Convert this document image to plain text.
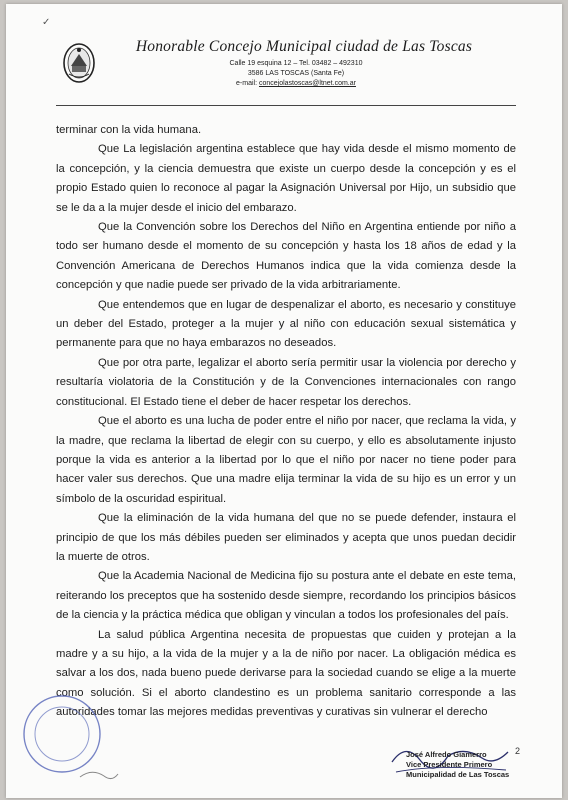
✓
Honorable Concejo Municipal ciudad de Las Toscas
Calle 19 esquina 12 – Tel. 03482 – 492310
3586 LAS TOSCAS (Santa Fe)
e-mail: concejolastoscas@ltnet.com.ar

terminar con la vida humana.

Que La legislación argentina establece que hay vida desde el mismo momento de la concepción, y la ciencia demuestra que existe un cuerpo desde la concepción y es el propio Estado quien lo reconoce al pagar la Asignación Universal por Hijo, un subsidio que se le da a la mujer desde el inicio del embarazo.

Que la Convención sobre los Derechos del Niño en Argentina entiende por niño a todo ser humano desde el momento de su concepción y hasta los 18 años de edad y la Convención Americana de Derechos Humanos indica que la vida comienza desde la concepción y que nadie puede ser privado de la vida arbitrariamente.

Que entendemos que en lugar de despenalizar el aborto, es necesario y constituye un deber del Estado, proteger a la mujer y al niño con educación sexual sistemática y permanente para que no haya embarazos no deseados.

Que por otra parte, legalizar el aborto sería permitir usar la violencia por derecho y resultaría violatoria de la Constitución y de la Convenciones internacionales con rango constitucional. El Estado tiene el deber de hacer respetar los derechos.

Que el aborto es una lucha de poder entre el niño por nacer, que reclama la vida, y la madre, que reclama la libertad de elegir con su cuerpo, y ello es absolutamente injusto porque la vida es anterior a la libertad por lo que el niño por nacer no tiene poder para hacer valer sus derechos. Que una madre elija terminar la vida de su hijo es un error y un símbolo de la oscuridad espiritual.

Que la eliminación de la vida humana del que no se puede defender, instaura el principio de que los más débiles pueden ser eliminados y acepta que unos puedan decidir la muerte de otros.

Que la Academia Nacional de Medicina fijo su postura ante el debate en este tema, reiterando los preceptos que ha sostenido desde siempre, recordando los principios básicos de la ciencia y la práctica médica que obligan y vinculan a todos los profesionales del país.

La salud pública Argentina necesita de propuestas que cuiden y protejan a la madre y a su hijo, a la vida de la mujer y a la de niño por nacer. La obligación médica es salvar a los dos, nada bueno puede derivarse para la sociedad cuando se elige a la muerte como solución. Si el aborto clandestino es un problema sanitario corresponde a las autoridades tomar las mejores medidas preventivas y curativas sin vulnerar el derecho

José Alfredo Giamerro
Vice Presidente Primero
Municipalidad de Las Toscas
2
